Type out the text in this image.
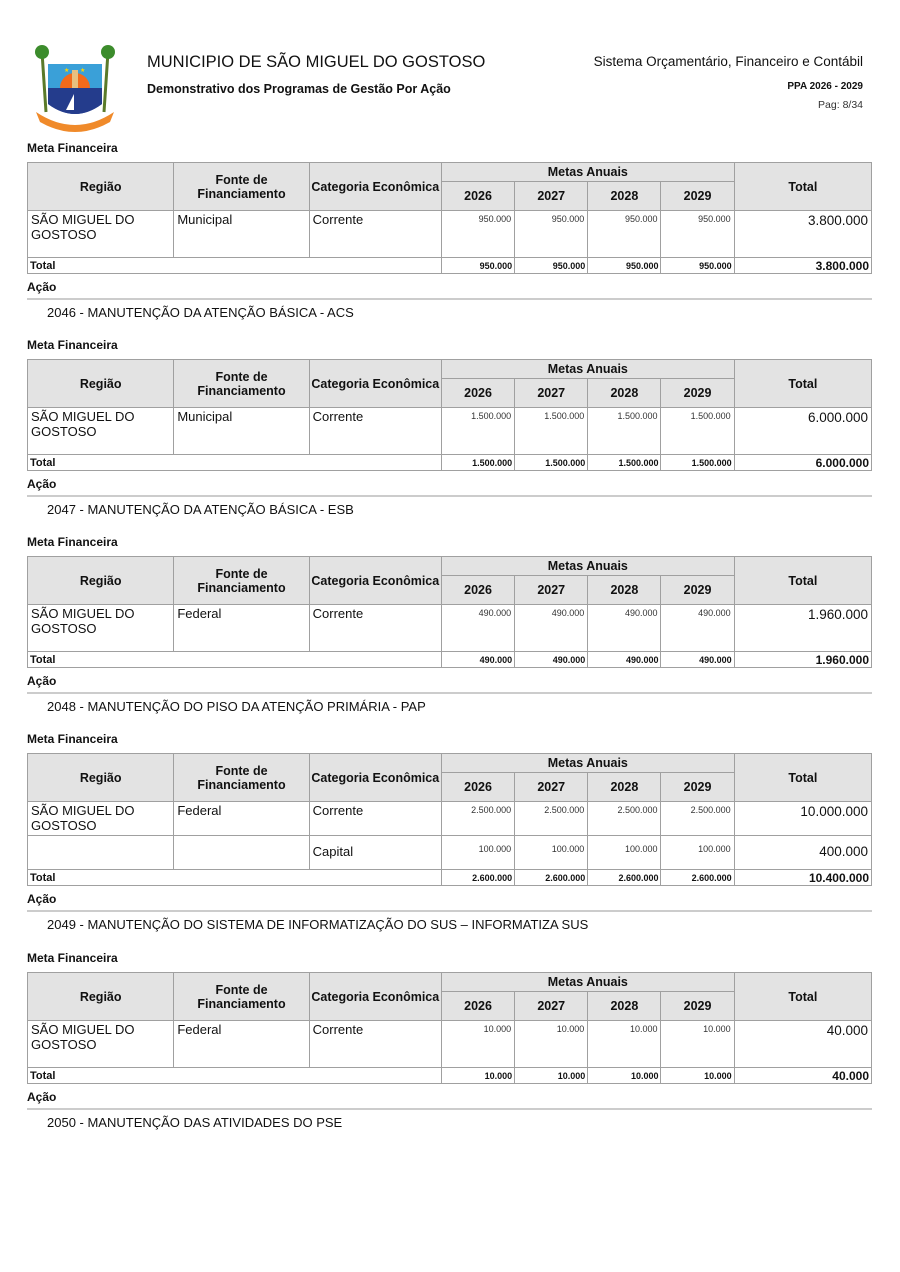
★ ★	MUNICIPIO DE SÃO MIGUEL DO GOSTOSO
Demonstrativo dos Programas de Gestão Por Ação
Sistema Orçamentário, Financeiro e Contábil
PPA 2026 - 2029
Pag: 8/34
Meta Financeira
Região	Fonte de Financiamento	Categoria Econômica	Metas Anuais				Total
			2026	2027	2028	2029	
SÃO MIGUEL DO GOSTOSO	Municipal	Corrente	950.000	950.000	950.000	950.000	3.800.000
Total			950.000	950.000	950.000	950.000	3.800.000
Ação
2046 - MANUTENÇÃO DA ATENÇÃO BÁSICA - ACS
Meta Financeira
Região	Fonte de Financiamento	Categoria Econômica	Metas Anuais				Total
			2026	2027	2028	2029	
SÃO MIGUEL DO GOSTOSO	Municipal	Corrente	1.500.000	1.500.000	1.500.000	1.500.000	6.000.000
Total			1.500.000	1.500.000	1.500.000	1.500.000	6.000.000
Ação
2047 - MANUTENÇÃO DA ATENÇÃO BÁSICA - ESB
Meta Financeira
Região	Fonte de Financiamento	Categoria Econômica	Metas Anuais				Total
			2026	2027	2028	2029	
SÃO MIGUEL DO GOSTOSO	Federal	Corrente	490.000	490.000	490.000	490.000	1.960.000
Total			490.000	490.000	490.000	490.000	1.960.000
Ação
2048 - MANUTENÇÃO DO PISO DA ATENÇÃO PRIMÁRIA - PAP
Meta Financeira
Região	Fonte de Financiamento	Categoria Econômica	Metas Anuais				Total
			2026	2027	2028	2029	
SÃO MIGUEL DO GOSTOSO	Federal	Corrente	2.500.000	2.500.000	2.500.000	2.500.000	10.000.000
		Capital	100.000	100.000	100.000	100.000	400.000
Total			2.600.000	2.600.000	2.600.000	2.600.000	10.400.000
Ação
2049 - MANUTENÇÃO DO SISTEMA DE INFORMATIZAÇÃO DO SUS – INFORMATIZA SUS
Meta Financeira
Região	Fonte de Financiamento	Categoria Econômica	Metas Anuais				Total
			2026	2027	2028	2029	
SÃO MIGUEL DO GOSTOSO	Federal	Corrente	10.000	10.000	10.000	10.000	40.000
Total			10.000	10.000	10.000	10.000	40.000
Ação
2050 - MANUTENÇÃO DAS ATIVIDADES DO PSE
